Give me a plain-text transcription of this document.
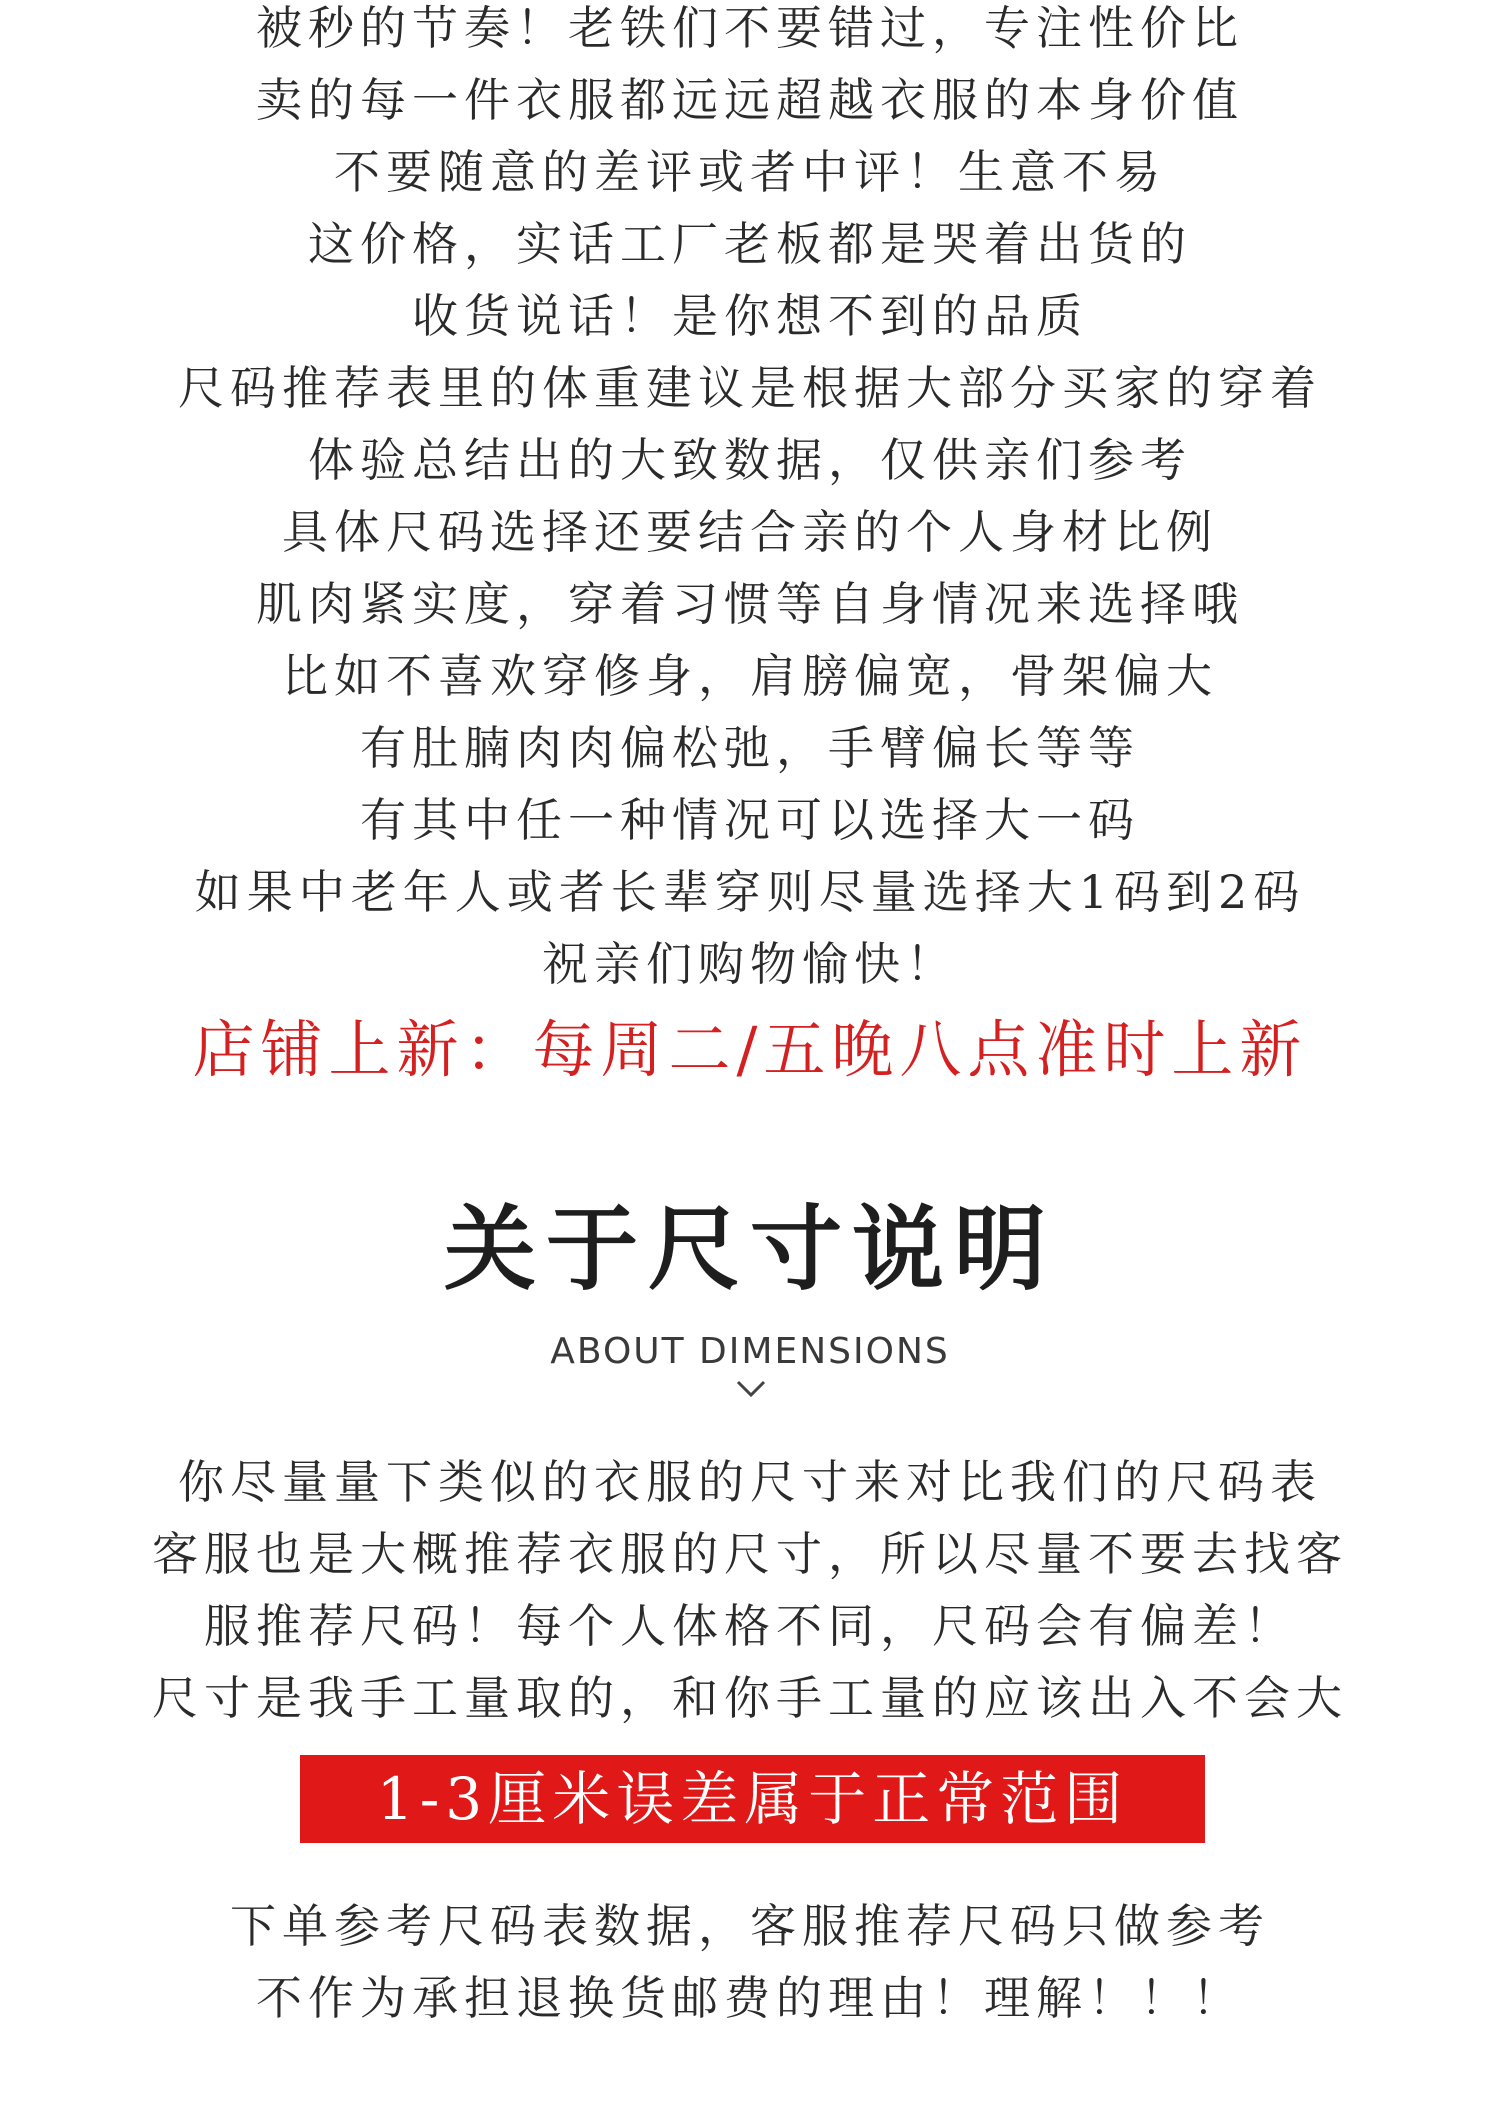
被秒的节奏！老铁们不要错过，专注性价比
卖的每一件衣服都远远超越衣服的本身价值
不要随意的差评或者中评！生意不易
这价格，实话工厂老板都是哭着出货的
收货说话！是你想不到的品质
尺码推荐表里的体重建议是根据大部分买家的穿着
体验总结出的大致数据，仅供亲们参考
具体尺码选择还要结合亲的个人身材比例
肌肉紧实度，穿着习惯等自身情况来选择哦
比如不喜欢穿修身，肩膀偏宽，骨架偏大
有肚腩肉肉偏松弛，手臂偏长等等
有其中任一种情况可以选择大一码
如果中老年人或者长辈穿则尽量选择大1码到2码
祝亲们购物愉快！
店铺上新：每周二/五晚八点准时上新
关于尺寸说明
ABOUT DIMENSIONS
你尽量量下类似的衣服的尺寸来对比我们的尺码表
客服也是大概推荐衣服的尺寸，所以尽量不要去找客
服推荐尺码！每个人体格不同，尺码会有偏差！
尺寸是我手工量取的，和你手工量的应该出入不会大
1-3厘米误差属于正常范围
下单参考尺码表数据，客服推荐尺码只做参考
不作为承担退换货邮费的理由！理解！！！
